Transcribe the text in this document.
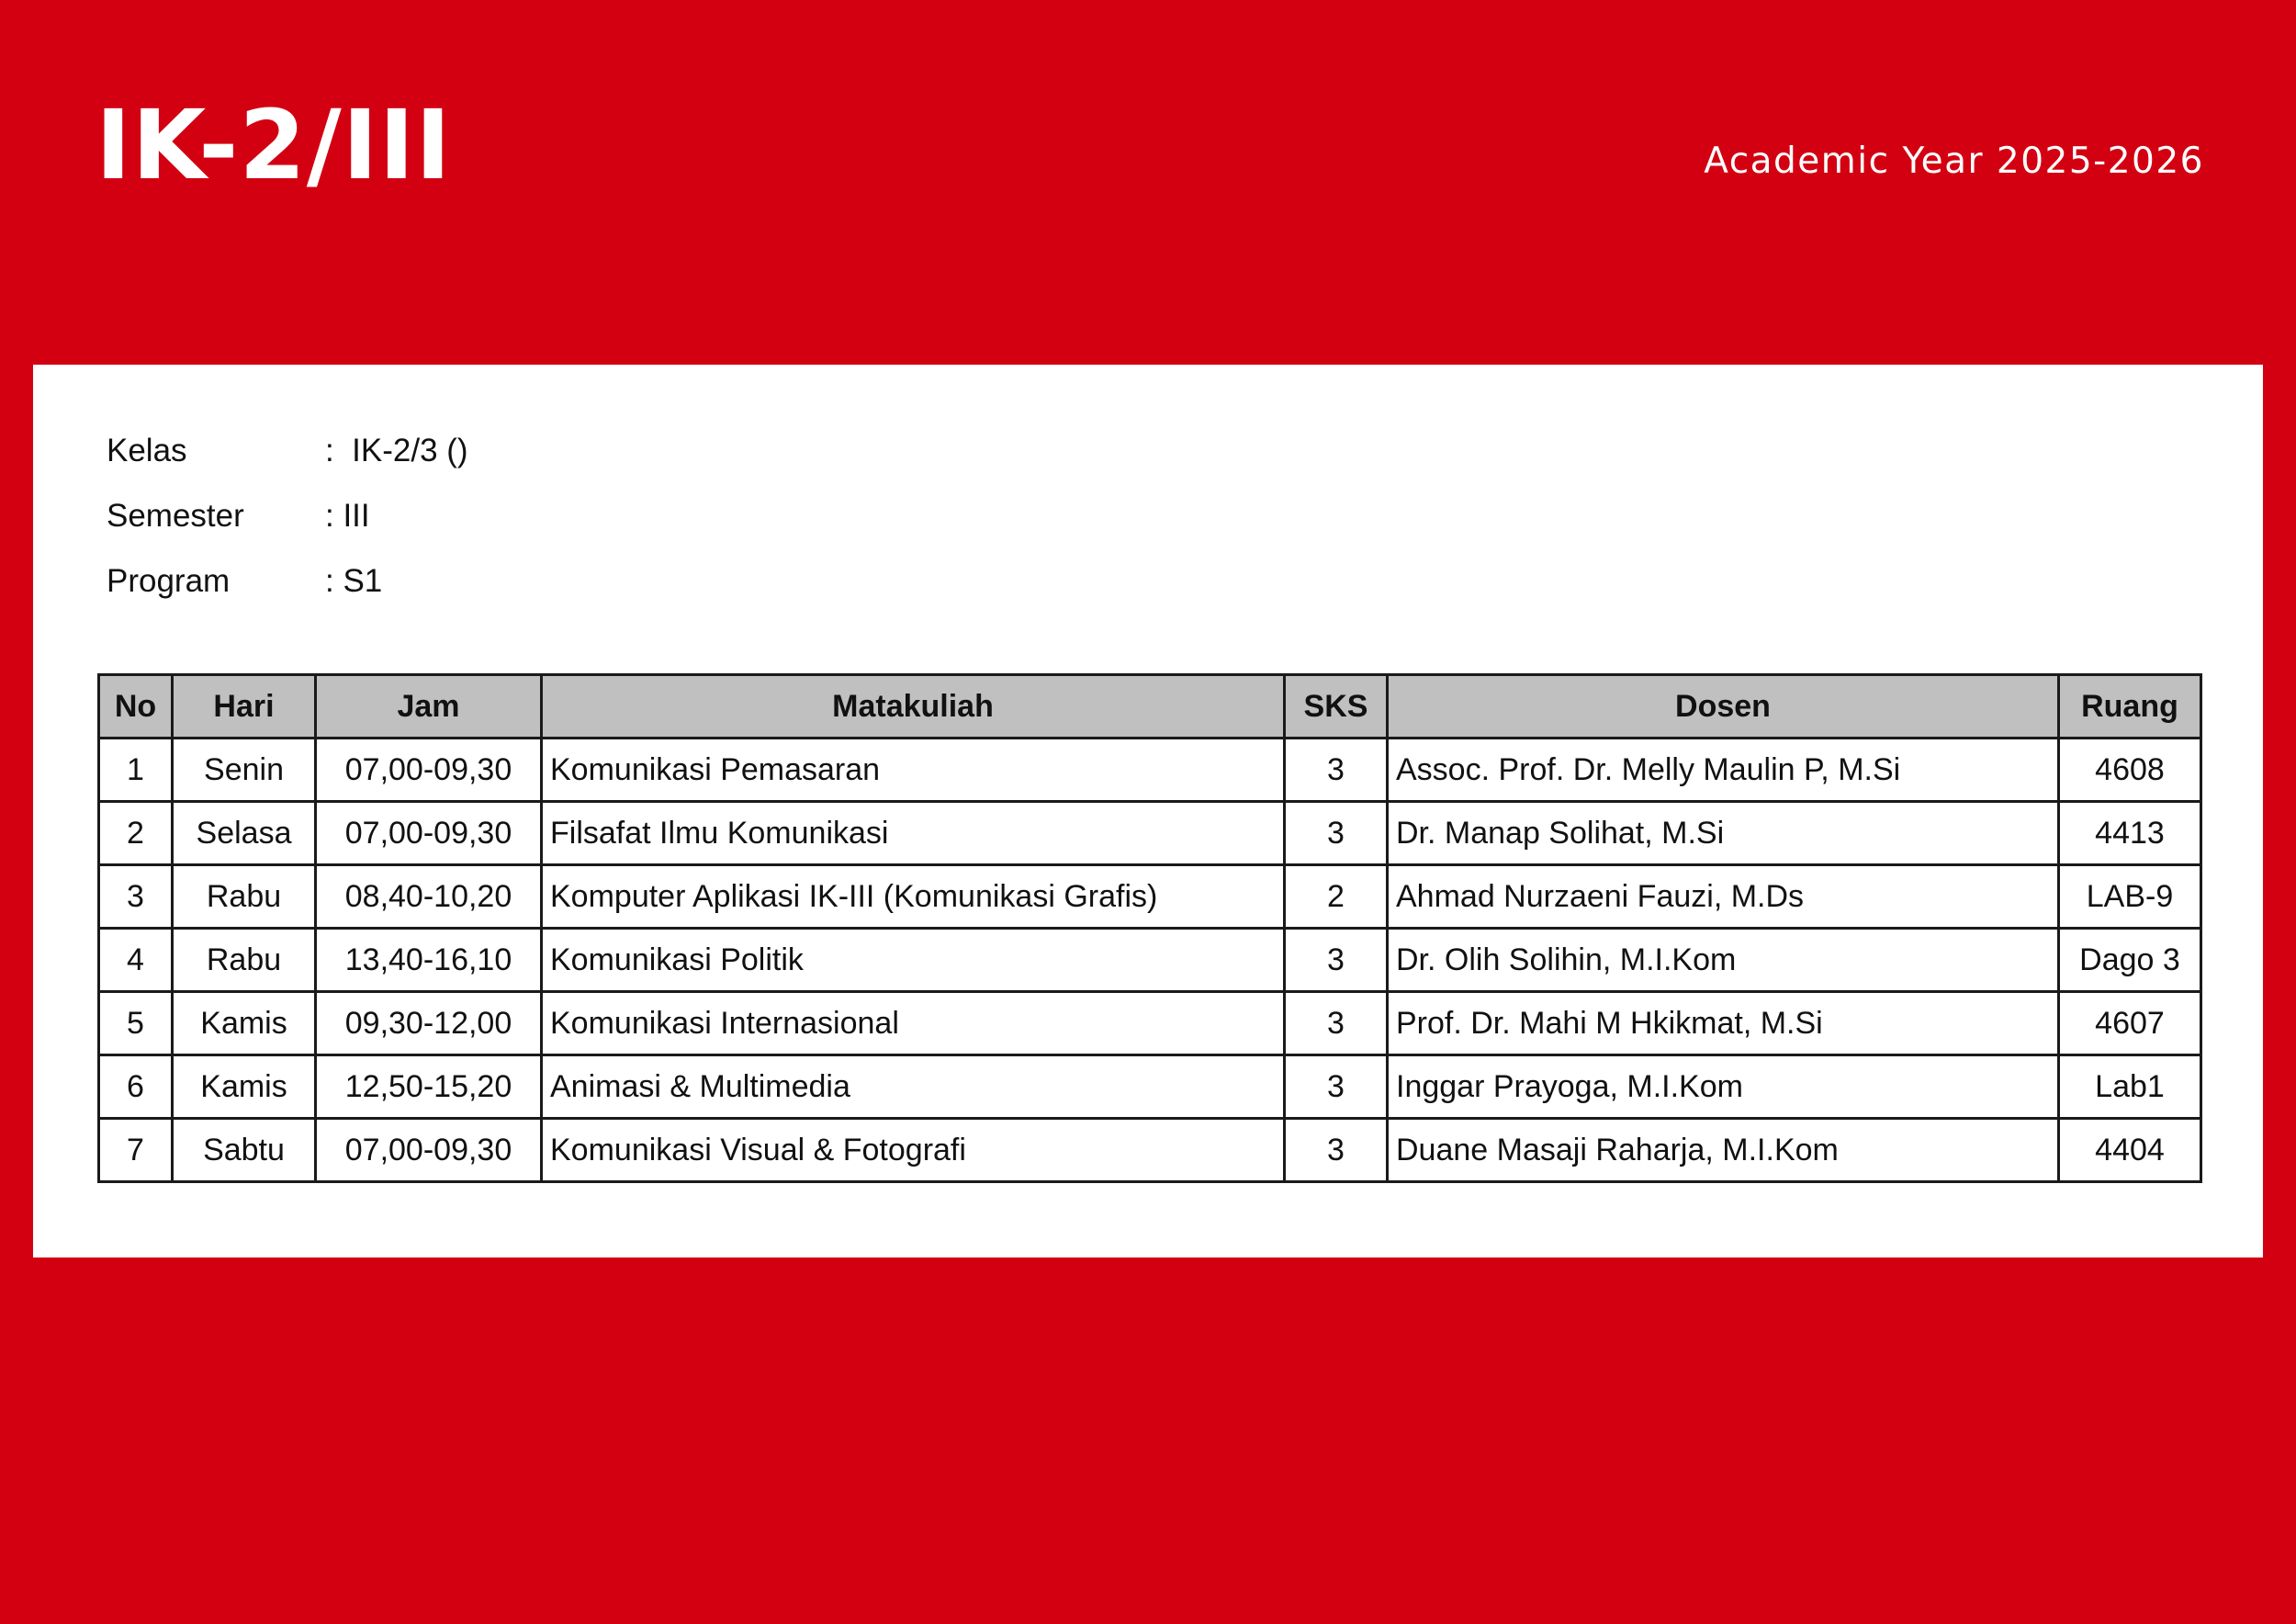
IK-2/III	Academic Year 2025-2026
Kelas	:  IK-2/3 ()
Semester	: III
Program	: S1
No	Hari	Jam	Matakuliah	SKS	Dosen	Ruang
1	Senin	07,00-09,30	Komunikasi Pemasaran	3	Assoc. Prof. Dr. Melly Maulin P, M.Si	4608
2	Selasa	07,00-09,30	Filsafat Ilmu Komunikasi	3	Dr. Manap Solihat, M.Si	4413
3	Rabu	08,40-10,20	Komputer Aplikasi IK-III (Komunikasi Grafis)	2	Ahmad Nurzaeni Fauzi, M.Ds	LAB-9
4	Rabu	13,40-16,10	Komunikasi Politik	3	Dr. Olih Solihin, M.I.Kom	Dago 3
5	Kamis	09,30-12,00	Komunikasi Internasional	3	Prof. Dr. Mahi M Hkikmat, M.Si	4607
6	Kamis	12,50-15,20	Animasi & Multimedia	3	Inggar Prayoga, M.I.Kom	Lab1
7	Sabtu	07,00-09,30	Komunikasi Visual & Fotografi	3	Duane Masaji Raharja, M.I.Kom	4404
